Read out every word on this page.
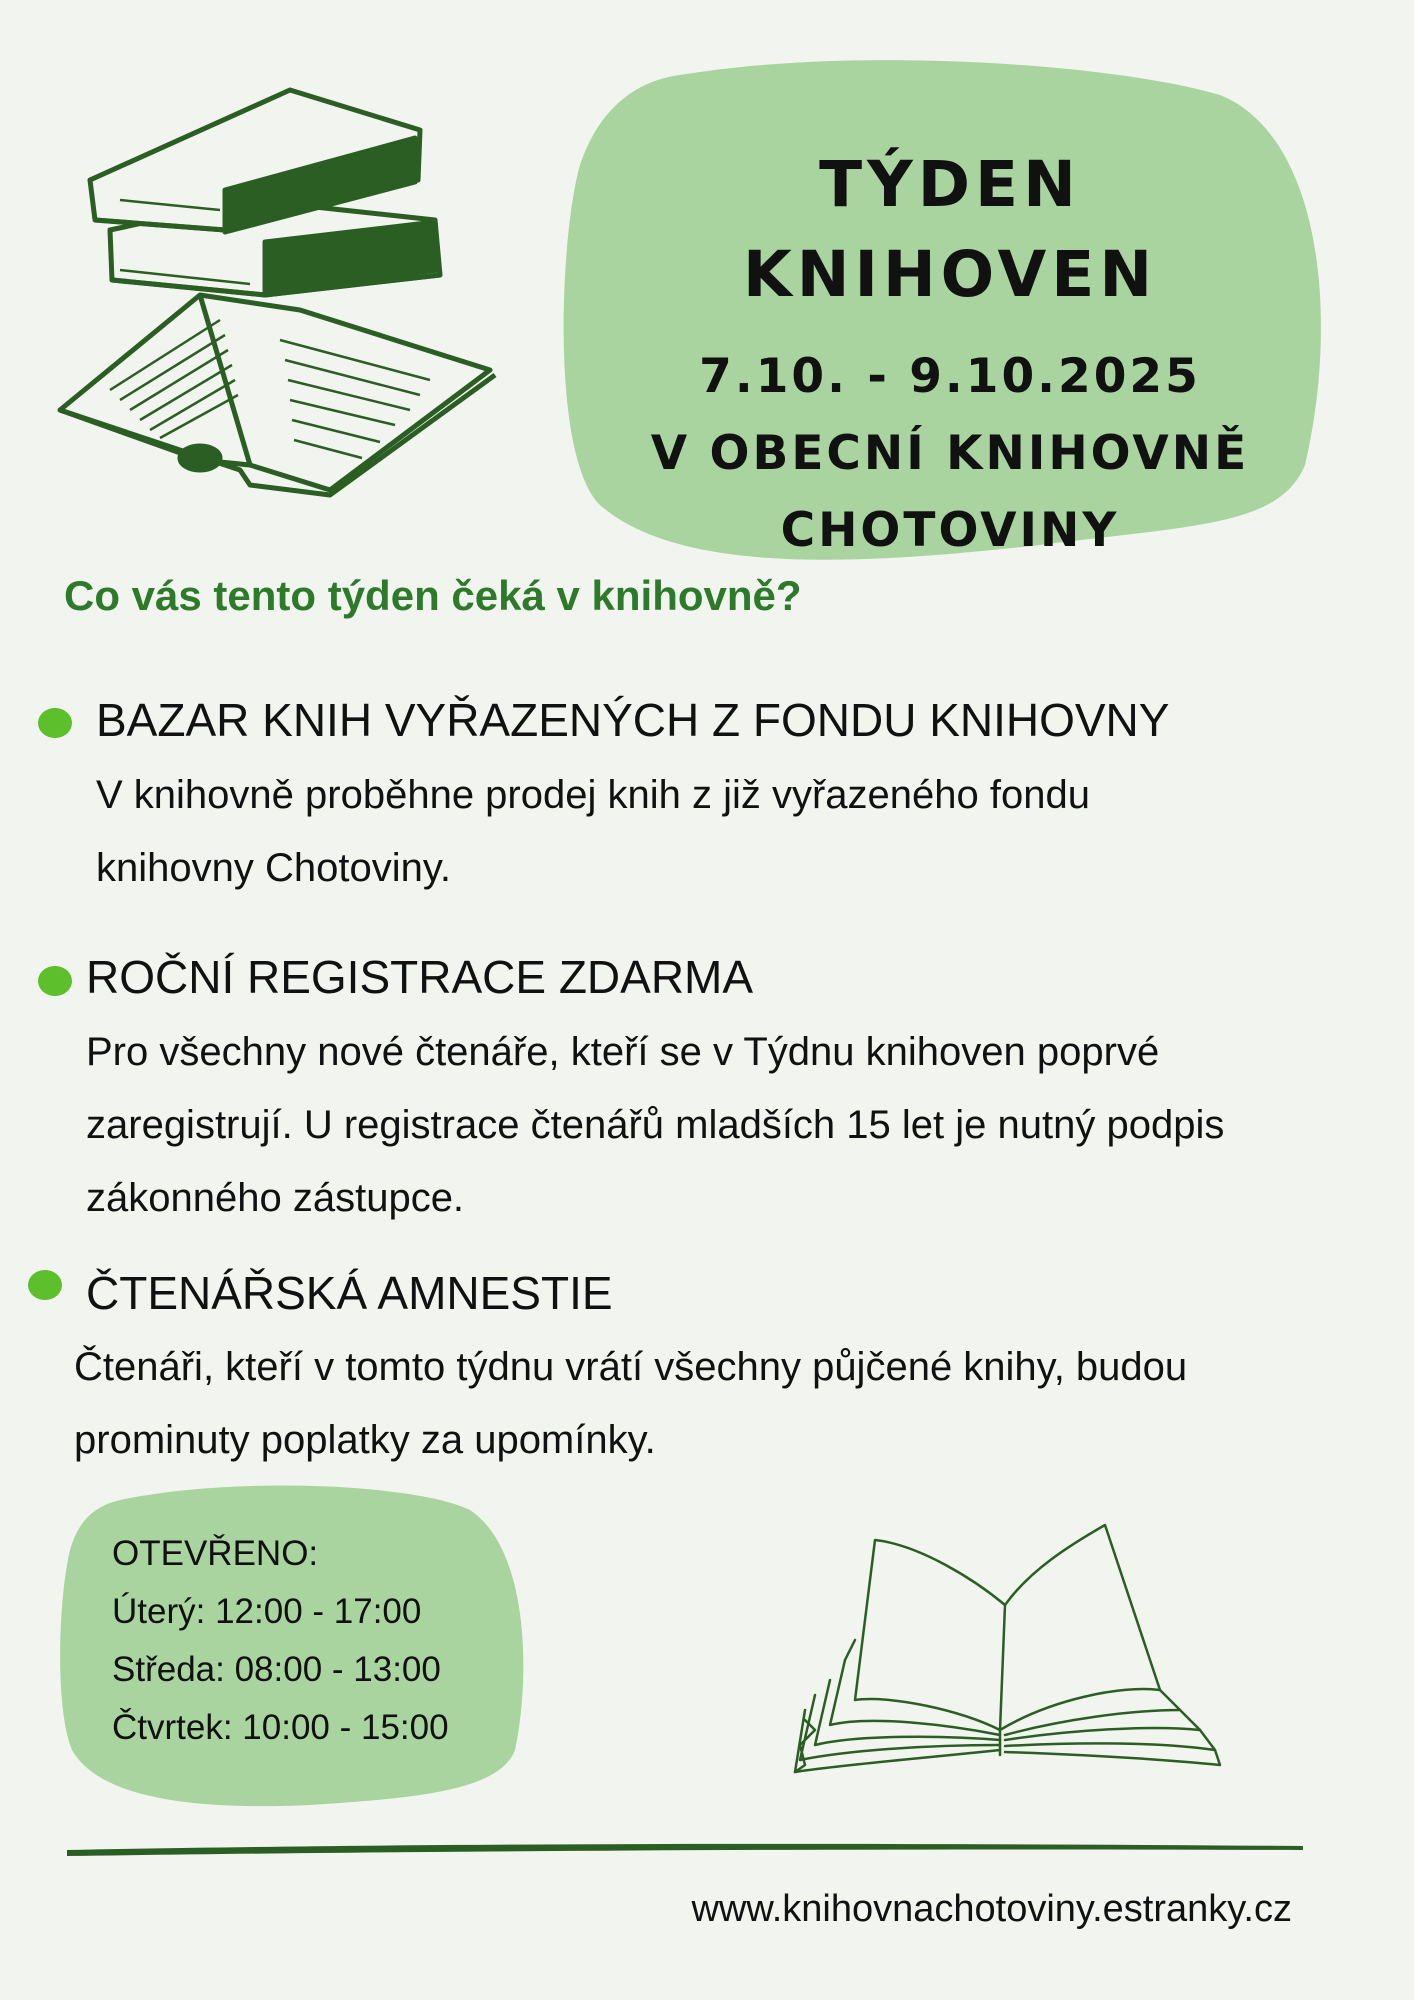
TÝDEN KNIHOVEN

7.10. - 9.10.2025

V OBECNÍ KNIHOVNĚ

CHOTOVINY

Co vás tento týden čeká v knihovně?

BAZAR KNIH VYŘAZENÝCH Z FONDU KNIHOVNY

V knihovně proběhne prodej knih z již vyřazeného fondu

knihovny Chotoviny.

ROČNÍ REGISTRACE ZDARMA

Pro všechny nové čtenáře, kteří se v Týdnu knihoven poprvé

zaregistrují. U registrace čtenářů mladších 15 let je nutný podpis

zákonného zástupce.

ČTENÁŘSKÁ AMNESTIE

Čtenáři, kteří v tomto týdnu vrátí všechny půjčené knihy, budou

prominuty poplatky za upomínky.

OTEVŘENO:

Úterý: 12:00 - 17:00

Středa: 08:00 - 13:00

Čtvrtek: 10:00 - 15:00

www.knihovnachotoviny.estranky.cz
